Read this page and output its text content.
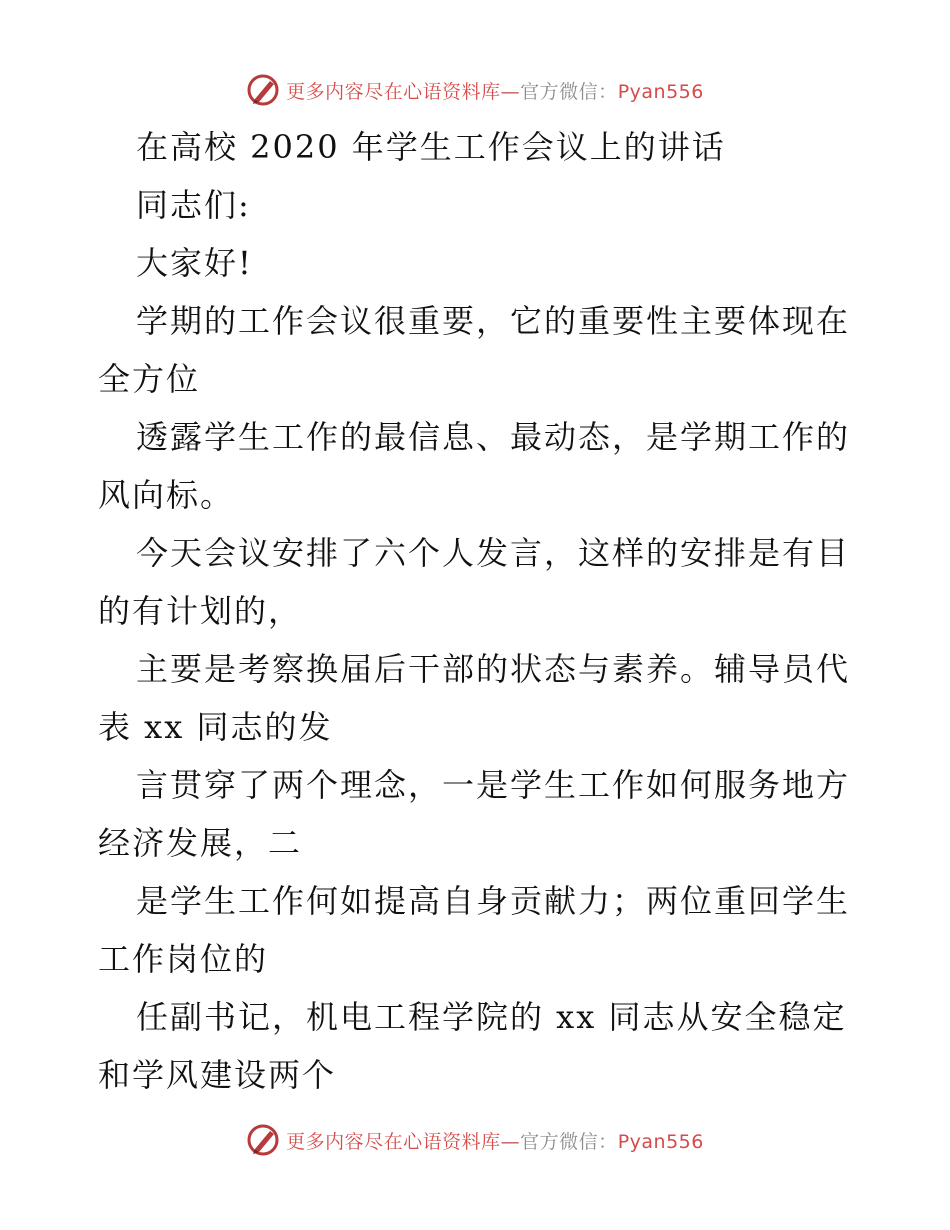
更多内容尽在心语资料库—官方微信：Pyan556
在高校 2020 年学生工作会议上的讲话
同志们:
大家好!
学期的工作会议很重要，它的重要性主要体现在
全方位
透露学生工作的最信息、最动态，是学期工作的
风向标。
今天会议安排了六个人发言，这样的安排是有目
的有计划的，
主要是考察换届后干部的状态与素养。辅导员代
表 xx 同志的发
言贯穿了两个理念，一是学生工作如何服务地方
经济发展，二
是学生工作何如提高自身贡献力；两位重回学生
工作岗位的
任副书记，机电工程学院的 xx 同志从安全稳定
和学风建设两个
更多内容尽在心语资料库—官方微信：Pyan556
